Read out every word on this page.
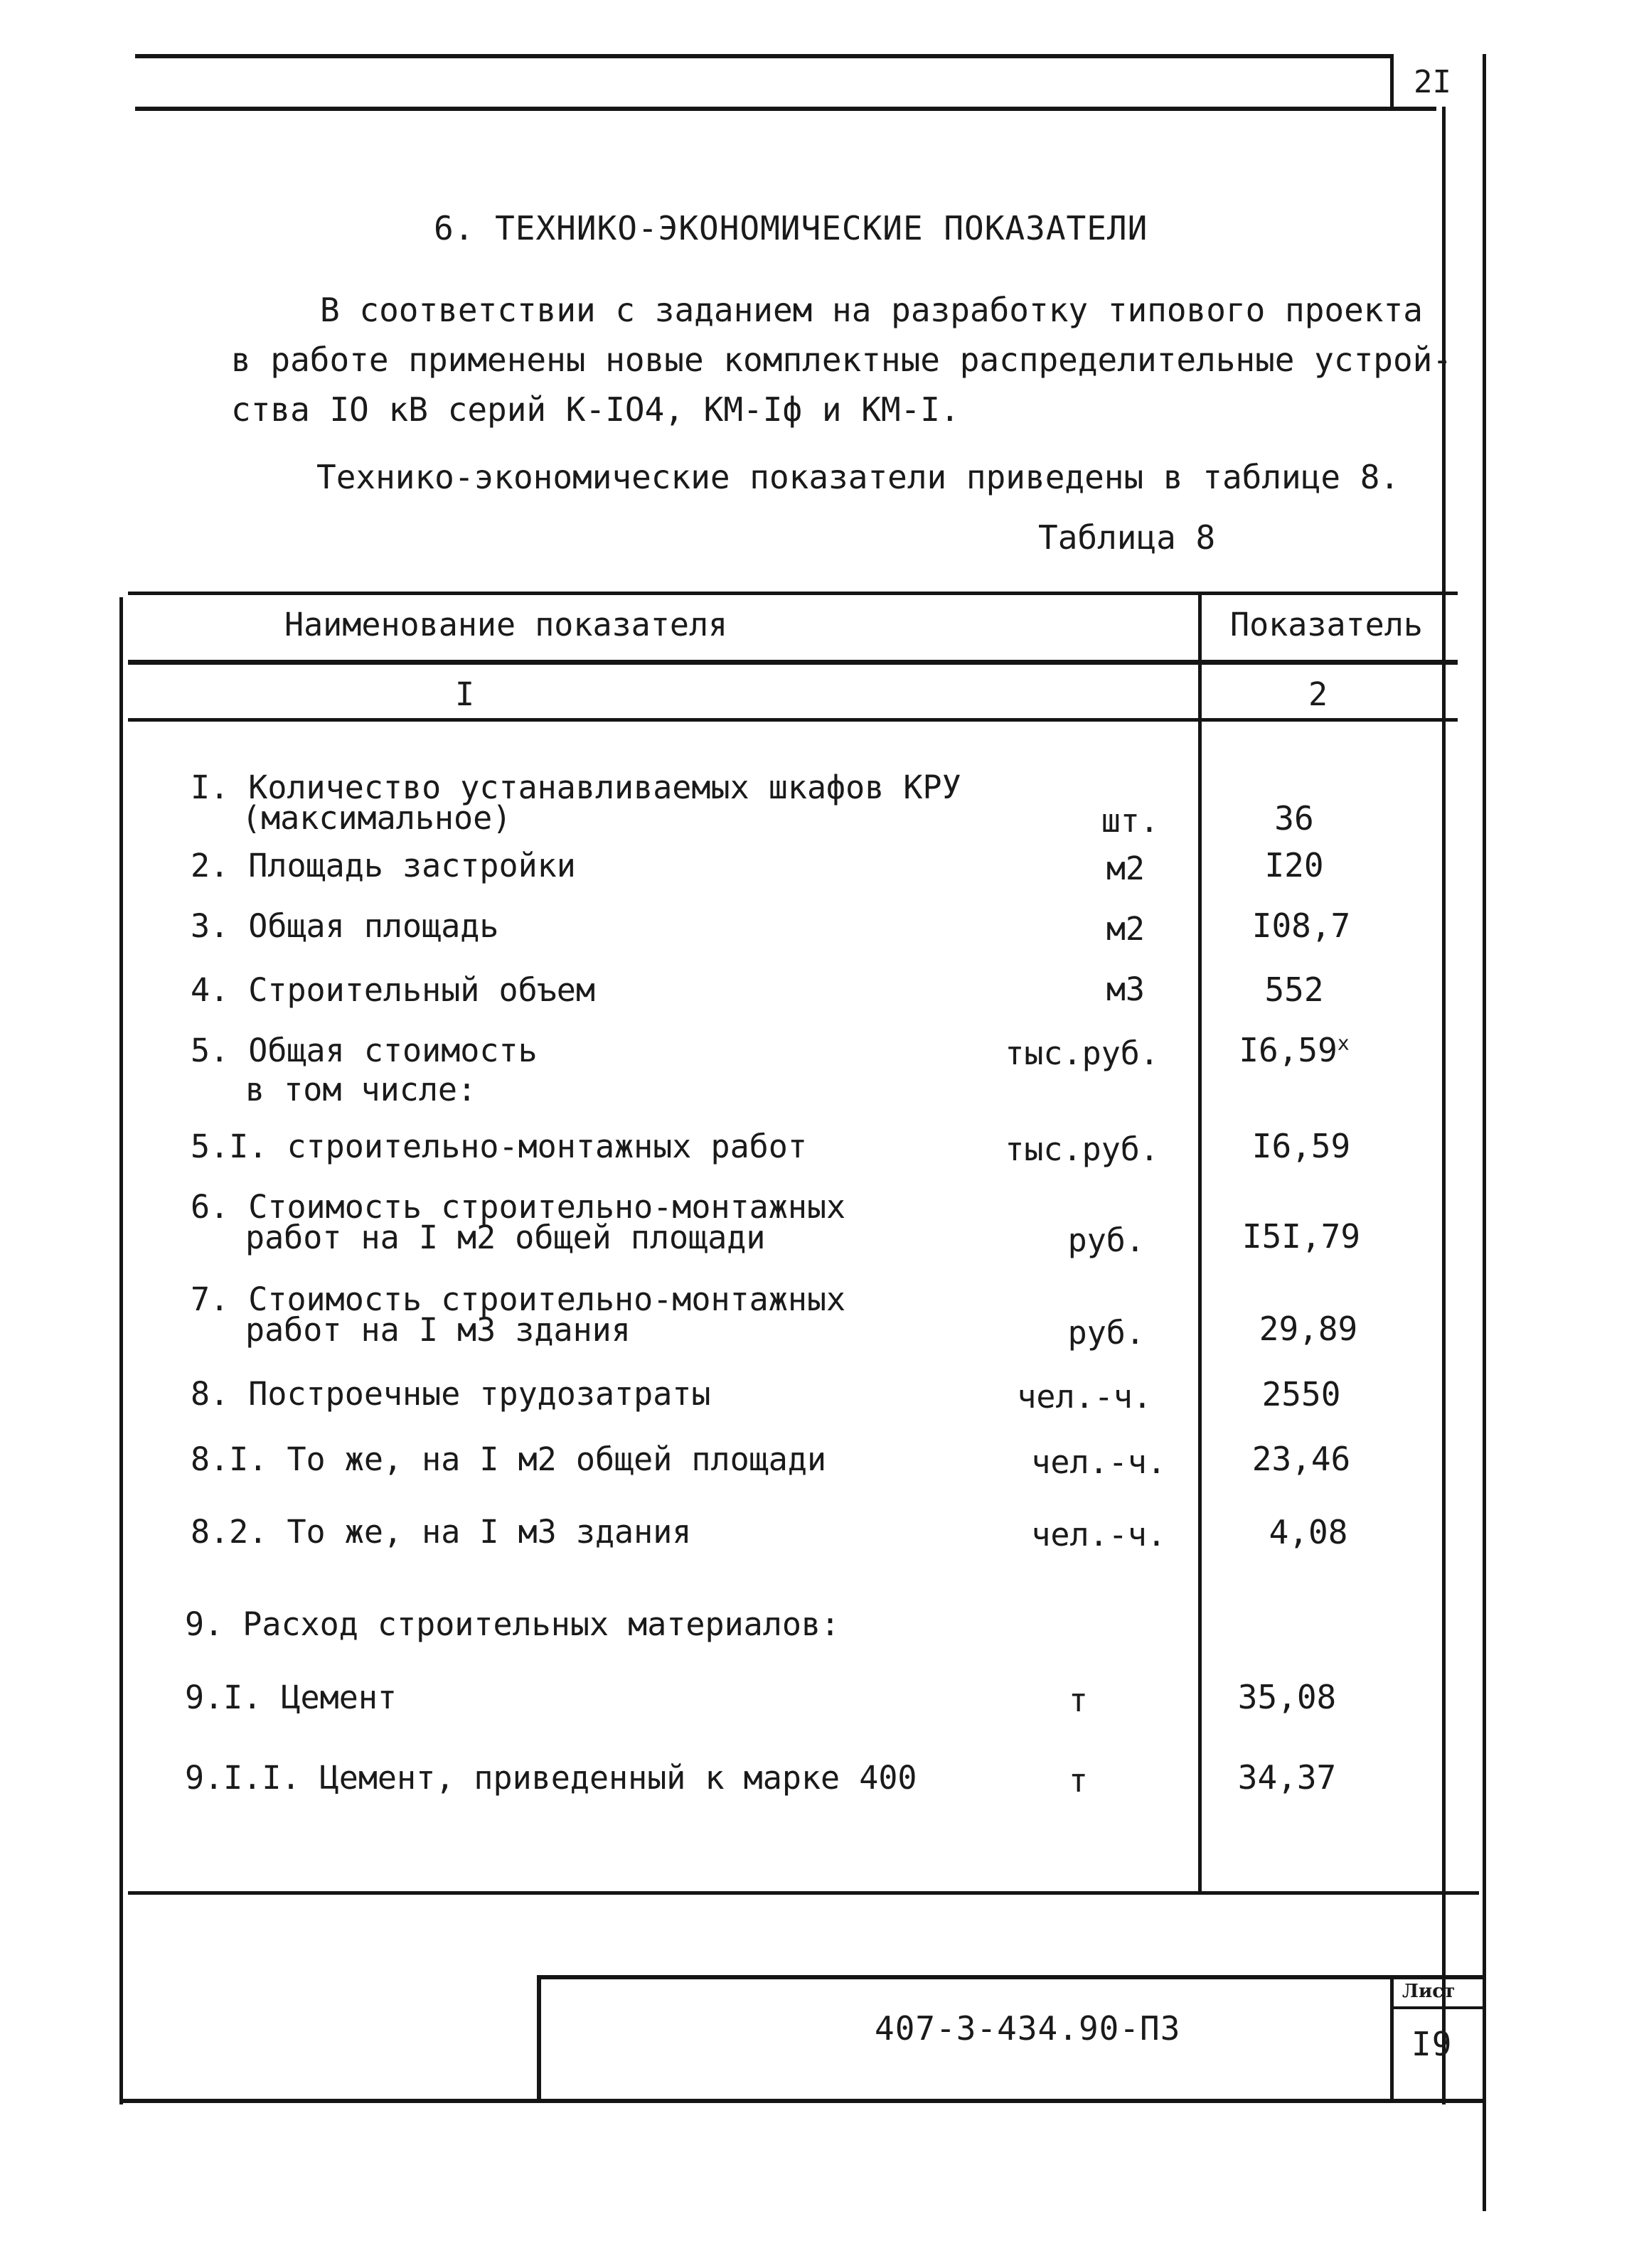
2I
6. ТЕХНИКО-ЭКОНОМИЧЕСКИЕ ПОКАЗАТЕЛИ
В соответствии с заданием на разработку типового проекта
в работе применены новые комплектные распределительные устрой-
ства IO кВ серий К-IO4, КМ-Iф и КМ-I.
Технико-экономические показатели приведены в таблице 8.
Таблица 8
Наименование показателя	Показатель
I	2
I. Количество устанавливаемых шкафов КРУ
(максимальное)	шт.	36
2. Площадь застройки	м2	I20
3. Общая площадь	м2	I08,7
4. Строительный объем	м3	552
5. Общая стоимость
в том числе:
тыс.руб.	I6,59$^x$
5.I. строительно-монтажных работ	тыс.руб.	I6,59
6. Стоимость строительно-монтажных
работ на I м2 общей площади	руб.	I5I,79
7. Стоимость строительно-монтажных
работ на I м3 здания	руб.	29,89
8. Построечные трудозатраты	чел.-ч.	2550
8.I. То же, на I м2 общей площади	чел.-ч.	23,46
8.2. То же, на I м3 здания	чел.-ч.	4,08
9. Расход строительных материалов:
9.I. Цемент	т	35,08
9.I.I. Цемент, приведенный к марке 400	т	34,37
407-3-434.90-ПЗ
Лист
I9
